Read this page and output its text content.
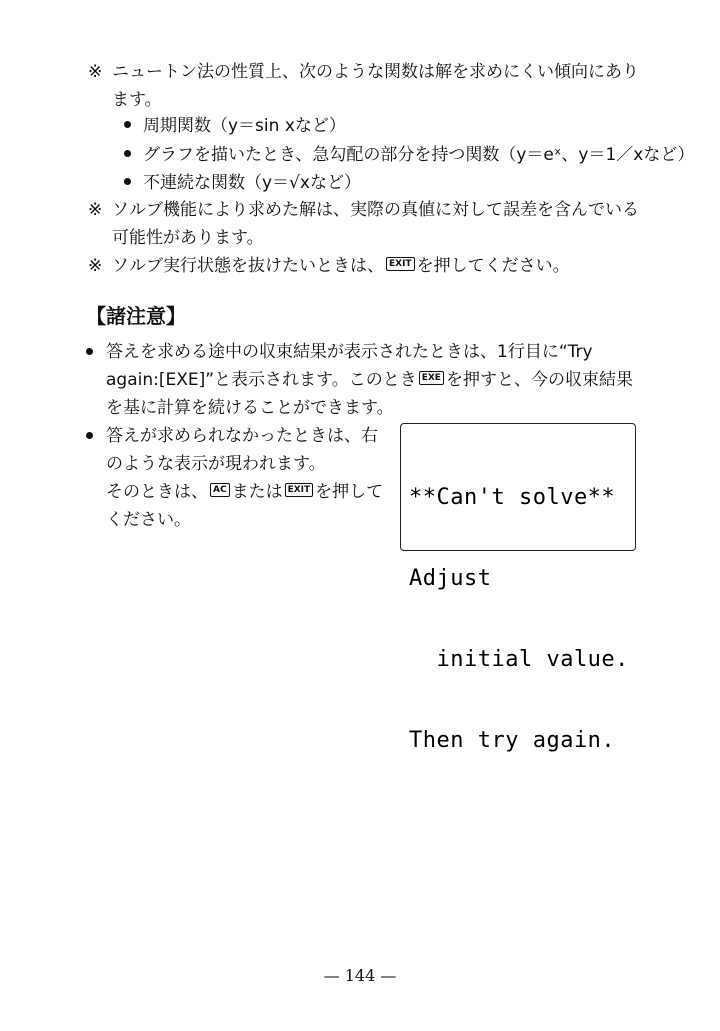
※ ニュートン法の性質上、次のような関数は解を求めにくい傾向にあります。
周期関数（y＝sin xなど）
グラフを描いたとき、急勾配の部分を持つ関数（y＝eˣ、y＝1／xなど）
不連続な関数（y＝√xなど）
※ ソルブ機能により求めた解は、実際の真値に対して誤差を含んでいる可能性があります。
※ ソルブ実行状態を抜けたいときは、 EXIT を押してください。
【諸注意】
答えを求める途中の収束結果が表示されたときは、1行目に“Try again:[EXE]”と表示されます。このとき EXE を押すと、今の収束結果を基に計算を続けることができます。
答えが求められなかったときは、右のような表示が現われます。
そのときは、 AC または EXIT を押してください。

**Can't solve**

Adjust

initial value.

Then try again.

— 144 —
